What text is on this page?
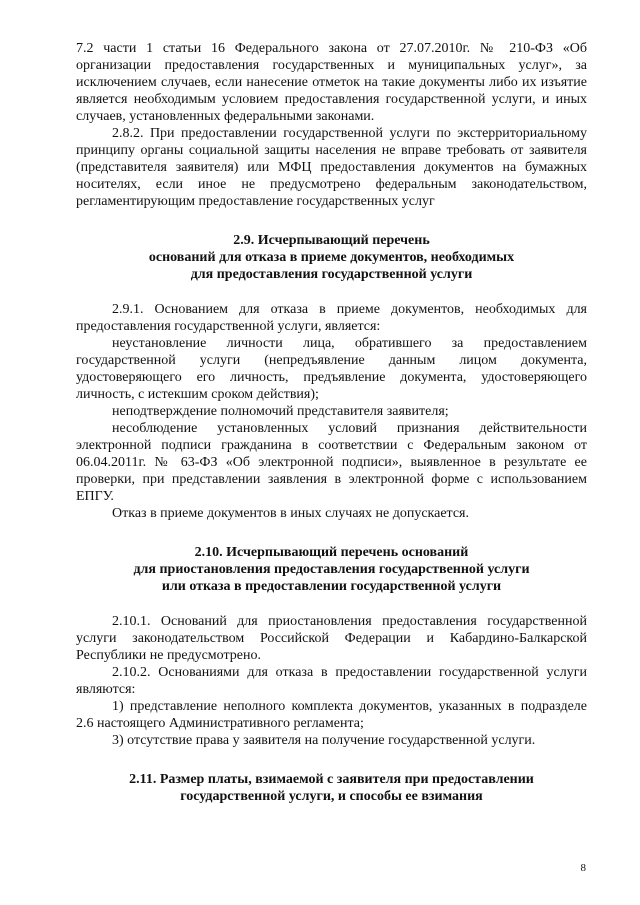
7.2 части 1 статьи 16 Федерального закона от 27.07.2010г. № 210-ФЗ «Об организации предоставления государственных и муниципальных услуг», за исключением случаев, если нанесение отметок на такие документы либо их изъятие является необходимым условием предоставления государственной услуги, и иных случаев, установленных федеральными законами.

2.8.2. При предоставлении государственной услуги по экстерриториальному принципу органы социальной защиты населения не вправе требовать от заявителя (представителя заявителя) или МФЦ предоставления документов на бумажных носителях, если иное не предусмотрено федеральным законодательством, регламентирующим предоставление государственных услуг

2.9. Исчерпывающий перечень

оснований для отказа в приеме документов, необходимых

для предоставления государственной услуги

2.9.1. Основанием для отказа в приеме документов, необходимых для предоставления государственной услуги, является:

неустановление личности лица, обратившего за предоставлением государственной услуги (непредъявление данным лицом документа, удостоверяющего его личность, предъявление документа, удостоверяющего личность, с истекшим сроком действия);

неподтверждение полномочий представителя заявителя;

несоблюдение установленных условий признания действительности электронной подписи гражданина в соответствии с Федеральным законом от 06.04.2011г. № 63-ФЗ «Об электронной подписи», выявленное в результате ее проверки, при представлении заявления в электронной форме с использованием ЕПГУ.

Отказ в приеме документов в иных случаях не допускается.

2.10. Исчерпывающий перечень оснований

для приостановления предоставления государственной услуги

или отказа в предоставлении государственной услуги

2.10.1. Оснований для приостановления предоставления государственной услуги законодательством Российской Федерации и Кабардино-Балкарской Республики не предусмотрено.

2.10.2. Основаниями для отказа в предоставлении государственной услуги являются:

1) представление неполного комплекта документов, указанных в подразделе 2.6 настоящего Административного регламента;

3) отсутствие права у заявителя на получение государственной услуги.

2.11. Размер платы, взимаемой с заявителя при предоставлении

государственной услуги, и способы ее взимания

8
